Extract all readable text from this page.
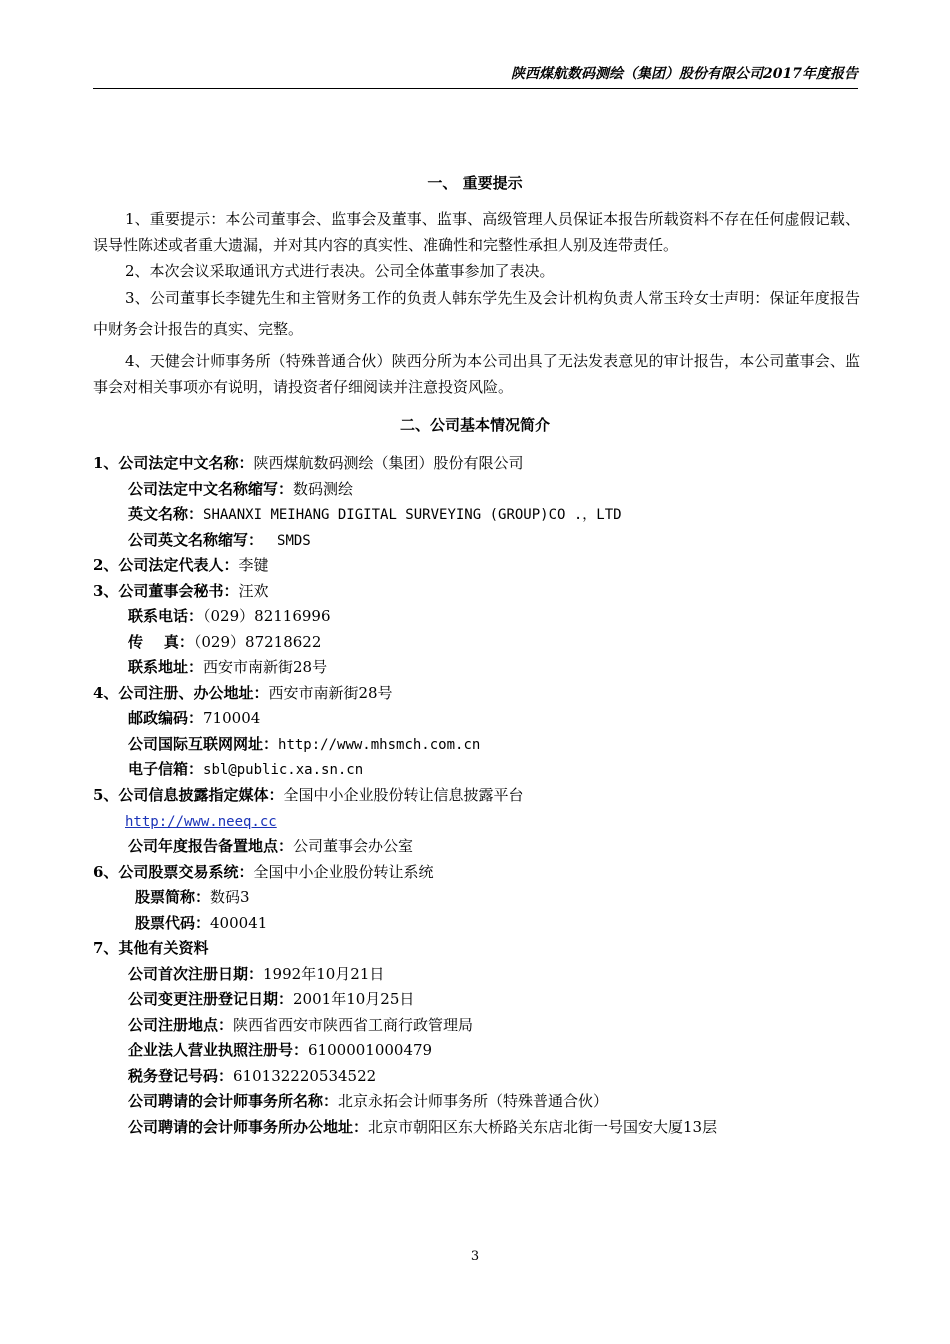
陕西煤航数码测绘（集团）股份有限公司2017年度报告
一、 重要提示
1、重要提示：本公司董事会、监事会及董事、监事、高级管理人员保证本报告所载资料不存在任何虚假记载、误导性陈述或者重大遗漏，并对其内容的真实性、准确性和完整性承担人别及连带责任。
2、本次会议采取通讯方式进行表决。公司全体董事参加了表决。
3、公司董事长李键先生和主管财务工作的负责人韩东学先生及会计机构负责人常玉玲女士声明：保证年度报告中财务会计报告的真实、完整。
4、天健会计师事务所（特殊普通合伙）陕西分所为本公司出具了无法发表意见的审计报告，本公司董事会、监事会对相关事项亦有说明，请投资者仔细阅读并注意投资风险。
二、公司基本情况简介
1、公司法定中文名称：陕西煤航数码测绘（集团）股份有限公司
公司法定中文名称缩写：数码测绘
英文名称：SHAANXI MEIHANG DIGITAL SURVEYING (GROUP)CO .，LTD
公司英文名称缩写： SMDS
2、公司法定代表人：李键
3、公司董事会秘书：汪欢
联系电话：（029）82116996
传    真：（029）87218622
联系地址：西安市南新街28号
4、公司注册、办公地址：西安市南新街28号
邮政编码：710004
公司国际互联网网址：http://www.mhsmch.com.cn
电子信箱：sbl@public.xa.sn.cn
5、公司信息披露指定媒体：全国中小企业股份转让信息披露平台
http://www.neeq.cc
公司年度报告备置地点：公司董事会办公室
6、公司股票交易系统：全国中小企业股份转让系统
股票简称：数码3
股票代码：400041
7、其他有关资料
公司首次注册日期：1992年10月21日
公司变更注册登记日期：2001年10月25日
公司注册地点：陕西省西安市陕西省工商行政管理局
企业法人营业执照注册号：6100001000479
税务登记号码：610132220534522
公司聘请的会计师事务所名称：北京永拓会计师事务所（特殊普通合伙）
公司聘请的会计师事务所办公地址：北京市朝阳区东大桥路关东店北街一号国安大厦13层
3
